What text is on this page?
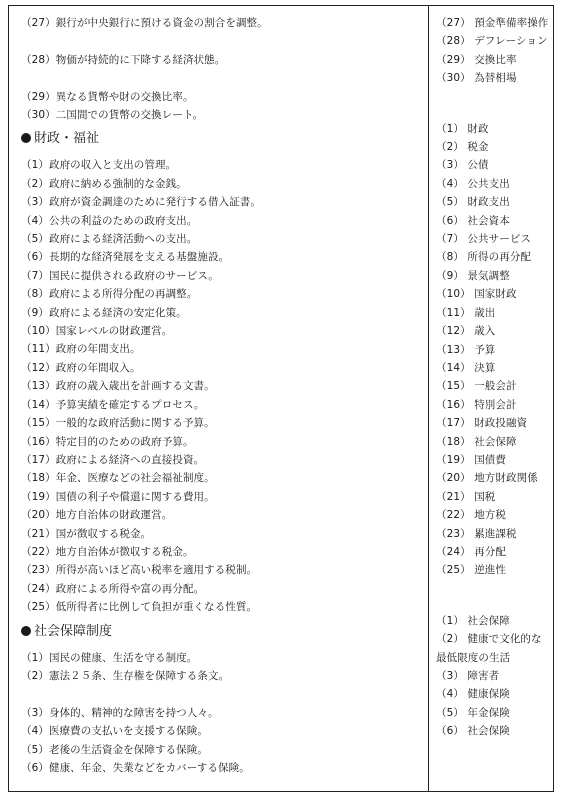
（27）銀行が中央銀行に預ける資金の割合を調整。
（28）物価が持続的に下降する経済状態。
（29）異なる貨幣や財の交換比率。
（30）二国間での貨幣の交換レート。
財政・福祉
（1）政府の収入と支出の管理。
（2）政府に納める強制的な金銭。
（3）政府が資金調達のために発行する借入証書。
（4）公共の利益のための政府支出。
（5）政府による経済活動への支出。
（6）長期的な経済発展を支える基盤施設。
（7）国民に提供される政府のサービス。
（8）政府による所得分配の再調整。
（9）政府による経済の安定化策。
（10）国家レベルの財政運営。
（11）政府の年間支出。
（12）政府の年間収入。
（13）政府の歳入歳出を計画する文書。
（14）予算実績を確定するプロセス。
（15）一般的な政府活動に関する予算。
（16）特定目的のための政府予算。
（17）政府による経済への直接投資。
（18）年金、医療などの社会福祉制度。
（19）国債の利子や償還に関する費用。
（20）地方自治体の財政運営。
（21）国が徴収する税金。
（22）地方自治体が徴収する税金。
（23）所得が高いほど高い税率を適用する税制。
（24）政府による所得や富の再分配。
（25）低所得者に比例して負担が重くなる性質。
社会保障制度
（1）国民の健康、生活を守る制度。
（2）憲法２５条、生存権を保障する条文。
（3）身体的、精神的な障害を持つ人々。
（4）医療費の支払いを支援する保険。
（5）老後の生活資金を保障する保険。
（6）健康、年金、失業などをカバーする保険。
（27） 預金準備率操作
（28） デフレーション
（29） 交換比率
（30） 為替相場
（1） 財政
（2） 税金
（3） 公債
（4） 公共支出
（5） 財政支出
（6） 社会資本
（7） 公共サービス
（8） 所得の再分配
（9） 景気調整
（10） 国家財政
（11） 歳出
（12） 歳入
（13） 予算
（14） 決算
（15） 一般会計
（16） 特別会計
（17） 財政投融資
（18） 社会保障
（19） 国債費
（20） 地方財政関係
（21） 国税
（22） 地方税
（23） 累進課税
（24） 再分配
（25） 逆進性
（1） 社会保障
（2） 健康で文化的な最低限度の生活
（3） 障害者
（4） 健康保険
（5） 年金保険
（6） 社会保険
